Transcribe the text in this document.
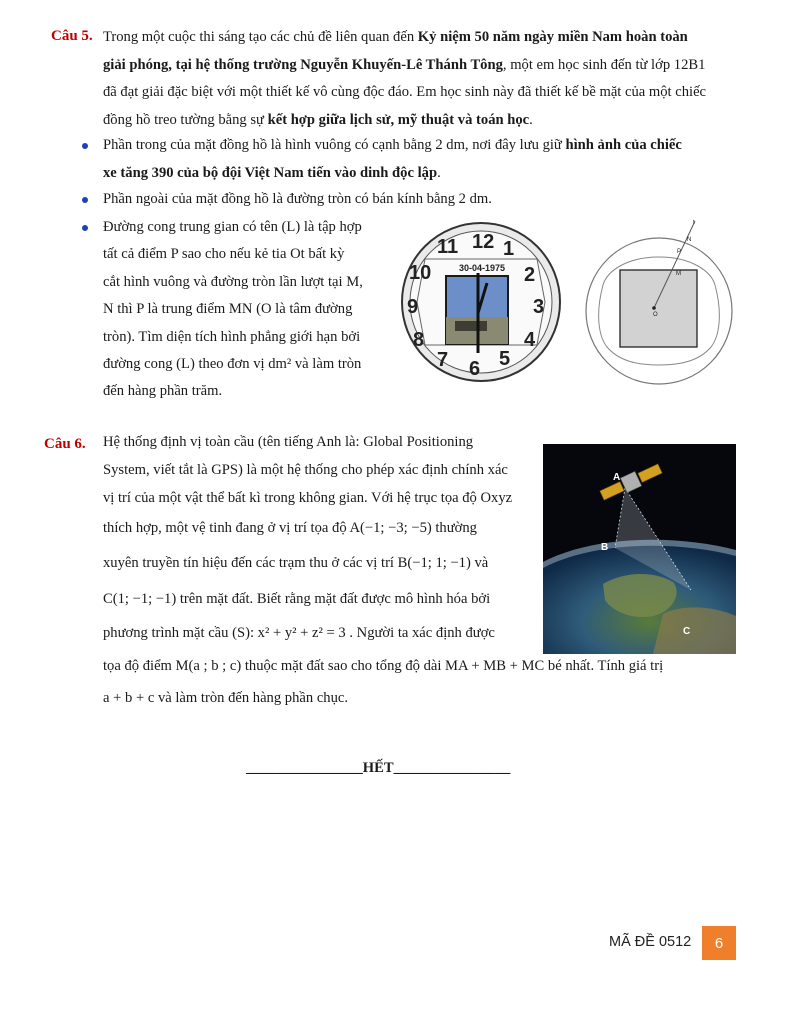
Câu 5. Trong một cuộc thi sáng tạo các chủ đề liên quan đến Kỷ niệm 50 năm ngày miền Nam hoàn toàn
giải phóng, tại hệ thống trường Nguyễn Khuyến-Lê Thánh Tông, một em học sinh đến từ lớp 12B1
đã đạt giải đặc biệt với một thiết kế vô cùng độc đáo. Em học sinh này đã thiết kế bề mặt của một chiếc
đồng hồ treo tường bằng sự kết hợp giữa lịch sử, mỹ thuật và toán học.
Phần trong của mặt đồng hồ là hình vuông có cạnh bằng 2 dm, nơi đây lưu giữ hình ảnh của chiếc
xe tăng 390 của bộ đội Việt Nam tiến vào dinh độc lập.
Phần ngoài của mặt đồng hồ là đường tròn có bán kính bằng 2 dm.
Đường cong trung gian có tên (L) là tập hợp
tất cả điểm P sao cho nếu kẻ tia Ot bất kỳ
cắt hình vuông và đường tròn lần lượt tại M,
N thì P là trung điểm MN (O là tâm đường
tròn). Tìm diện tích hình phẳng giới hạn bởi
đường cong (L) theo đơn vị dm² và làm tròn
đến hàng phần trăm.
30-04-1975
12 1
2
3
4
5
6
7
8
9
10
11
O
M
P
N
t
Câu 6. Hệ thống định vị toàn cầu (tên tiếng Anh là: Global Positioning
System, viết tắt là GPS) là một hệ thống cho phép xác định chính xác
vị trí của một vật thể bất kì trong không gian. Với hệ trục tọa độ Oxyz
thích hợp, một vệ tinh đang ở vị trí tọa độ A(−1; −3; −5) thường
xuyên truyền tín hiệu đến các trạm thu ở các vị trí B(−1; 1; −1) và
C(1; −1; −1) trên mặt đất. Biết rằng mặt đất được mô hình hóa bởi
phương trình mặt cầu (S): x² + y² + z² = 3 . Người ta xác định được
tọa độ điểm M(a ; b ; c) thuộc mặt đất sao cho tổng độ dài MA + MB + MC bé nhất. Tính giá trị
a + b + c và làm tròn đến hàng phần chục.
A
B
C
________________HẾT________________
MÃ ĐỀ 0512	6
